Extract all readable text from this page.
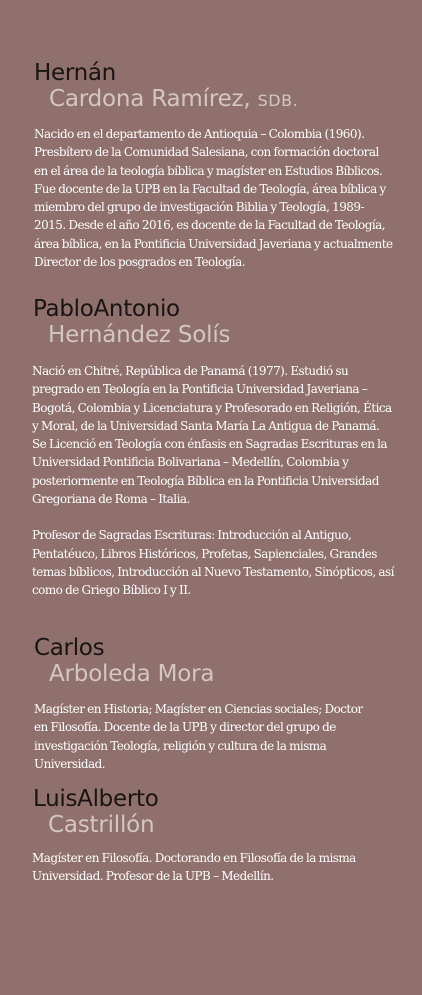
Hernán
Cardona Ramírez, SDB.

Nacido en el departamento de Antioquia – Colombia (1960). Presbítero de la Comunidad Salesiana, con formación doctoral en el área de la teología bíblica y magíster en Estudios Bíblicos. Fue docente de la UPB en la Facultad de Teología, área bíblica y miembro del grupo de investigación Biblia y Teología, 1989-2015. Desde el año 2016, es docente de la Facultad de Teología, área bíblica, en la Pontificia Universidad Javeriana y actualmente Director de los posgrados en Teología.

PabloAntonio
Hernández Solís

Nació en Chitré, República de Panamá (1977). Estudió su pregrado en Teología en la Pontificia Universidad Javeriana – Bogotá, Colombia y Licenciatura y Profesorado en Religión, Ética y Moral, de la Universidad Santa María La Antigua de Panamá. Se Licenció en Teología con énfasis en Sagradas Escrituras en la Universidad Pontificia Bolivariana – Medellín, Colombia y posteriormente en Teología Bíblica en la Pontificia Universidad Gregoriana de Roma – Italia.

Profesor de Sagradas Escrituras: Introducción al Antiguo, Pentatéuco, Libros Históricos, Profetas, Sapienciales, Grandes temas bíblicos, Introducción al Nuevo Testamento, Sinópticos, así como de Griego Bíblico I y II.

Carlos
Arboleda Mora

Magíster en Historia; Magíster en Ciencias sociales; Doctor en Filosofía. Docente de la UPB y director del grupo de investigación Teología, religión y cultura de la misma Universidad.

LuisAlberto
Castrillón

Magíster en Filosofía. Doctorando en Filosofía de la misma Universidad. Profesor de la UPB – Medellín.
